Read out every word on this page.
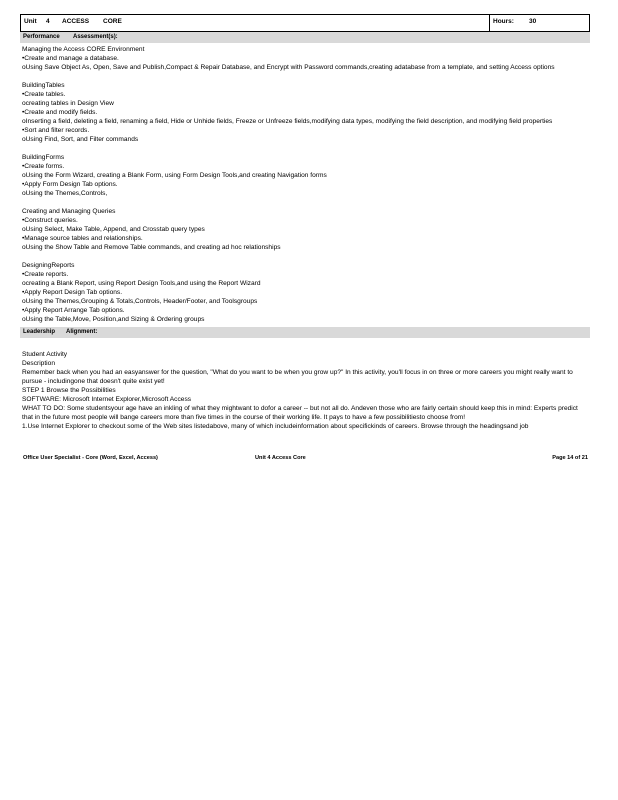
Unit 4 ACCESS CORE	Hours: 30
Performance Assessment(s):
Managing the Access CORE Environment
•Create and manage a database.
oUsing Save Object As, Open, Save and Publish,Compact & Repair Database, and Encrypt with Password commands,creating adatabase from a template, and setting Access options
BuildingTables
•Create tables.
ocreating tables in Design View
•Create and modify fields.
oInserting a field, deleting a field, renaming a field, Hide or Unhide fields, Freeze or Unfreeze fields,modifying data types, modifying the field description, and modifying field properties
•Sort and filter records.
oUsing Find, Sort, and Filter commands
BuildingForms
•Create forms.
oUsing the Form Wizard, creating a Blank Form, using Form Design Tools,and creating Navigation forms
•Apply Form Design Tab options.
oUsing the Themes,Controls,
Creating and Managing Queries
•Construct queries.
oUsing Select, Make Table, Append, and Crosstab query types
•Manage source tables and relationships.
oUsing the Show Table and Remove Table commands, and creating ad hoc relationships
DesigningReports
•Create reports.
ocreating a Blank Report, using Report Design Tools,and using the Report Wizard
•Apply Report Design Tab options.
oUsing the Themes,Grouping & Totals,Controls, Header/Footer, and Toolsgroups
•Apply Report Arrange Tab options.
oUsing the Table,Move, Position,and Sizing & Ordering groups
Leadership Alignment:
Student Activity
Description
Remember back when you had an easyanswer for the question, "What do you want to be when you grow up?" In this activity, you'll focus in on three or more careers you might really want to pursue - includingone that doesn't quite exist yet!
STEP 1 Browse the Possibilities
SOFTWARE: Microsoft Internet Explorer,Microsoft Access
WHAT TO DO: Some studentsyour age have an inkling of what they mightwant to dofor a career -- but not all do. Andeven those who are fairly certain should keep this in mind: Experts predict that in the future most people will bange careers more than five times in the course of their working life. It pays to have a few possibilitiesto choose from!
1.Use Internet Explorer to checkout some of the Web sites listedabove, many of which includeinformation about specifickinds of careers. Browse through the headingsand job
Office User Specialist - Core (Word, Excel, Access)	Unit 4 Access Core	Page 14 of 21
